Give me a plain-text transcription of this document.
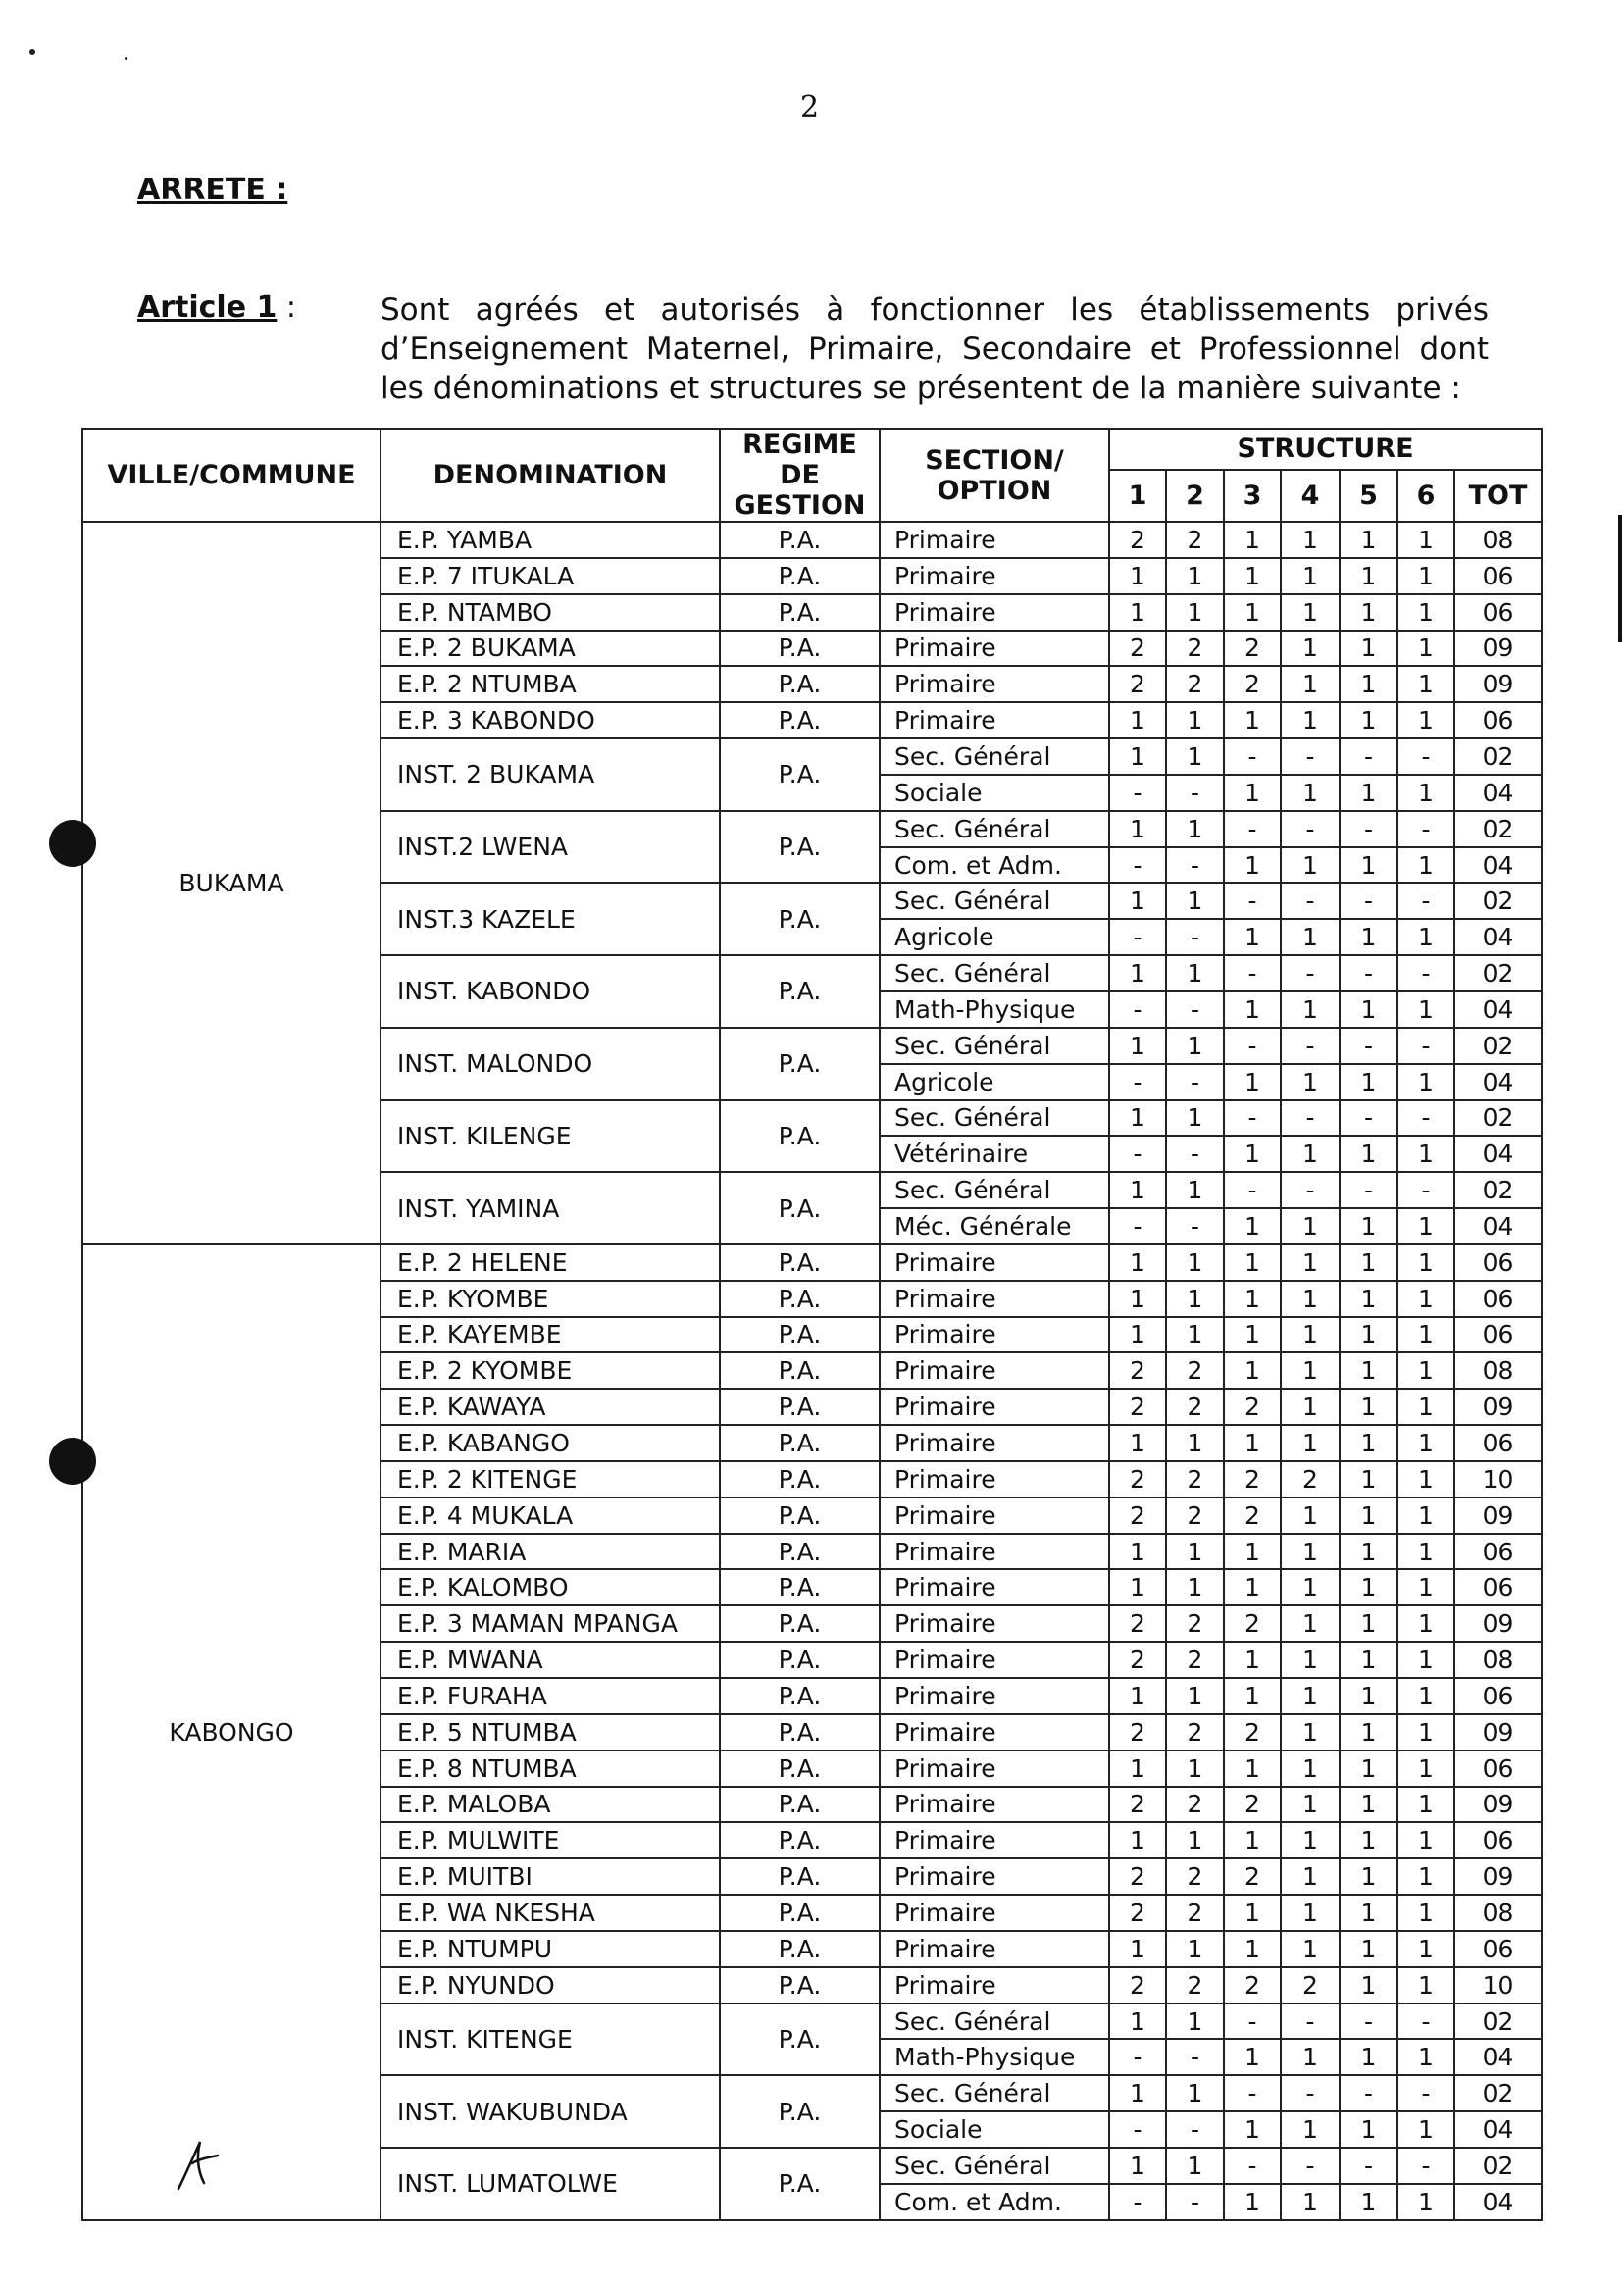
2
ARRETE :
Article 1 :	Sont agréés et autorisés à fonctionner les établissements privés d’Enseignement Maternel, Primaire, Secondaire et Professionnel dont les dénominations et structures se présentent de la manière suivante :
VILLE/COMMUNE	DENOMINATION	REGIME DE GESTION	SECTION/ OPTION	STRUCTURE						
				1	2	3	4	5	6	TOT
BUKAMA	E.P. YAMBA	P.A.	Primaire	2	2	1	1	1	1	08
	E.P. 7 ITUKALA	P.A.	Primaire	1	1	1	1	1	1	06
	E.P. NTAMBO	P.A.	Primaire	1	1	1	1	1	1	06
	E.P. 2 BUKAMA	P.A.	Primaire	2	2	2	1	1	1	09
	E.P. 2 NTUMBA	P.A.	Primaire	2	2	2	1	1	1	09
	E.P. 3 KABONDO	P.A.	Primaire	1	1	1	1	1	1	06
	INST. 2 BUKAMA	P.A.	Sec. Général	1	1	-	-	-	-	02
			Sociale	-	-	1	1	1	1	04
	INST.2 LWENA	P.A.	Sec. Général	1	1	-	-	-	-	02
			Com. et Adm.	-	-	1	1	1	1	04
	INST.3 KAZELE	P.A.	Sec. Général	1	1	-	-	-	-	02
			Agricole	-	-	1	1	1	1	04
	INST. KABONDO	P.A.	Sec. Général	1	1	-	-	-	-	02
			Math-Physique	-	-	1	1	1	1	04
	INST. MALONDO	P.A.	Sec. Général	1	1	-	-	-	-	02
			Agricole	-	-	1	1	1	1	04
	INST. KILENGE	P.A.	Sec. Général	1	1	-	-	-	-	02
			Vétérinaire	-	-	1	1	1	1	04
	INST. YAMINA	P.A.	Sec. Général	1	1	-	-	-	-	02
			Méc. Générale	-	-	1	1	1	1	04
KABONGO	E.P. 2 HELENE	P.A.	Primaire	1	1	1	1	1	1	06
	E.P. KYOMBE	P.A.	Primaire	1	1	1	1	1	1	06
	E.P. KAYEMBE	P.A.	Primaire	1	1	1	1	1	1	06
	E.P. 2 KYOMBE	P.A.	Primaire	2	2	1	1	1	1	08
	E.P. KAWAYA	P.A.	Primaire	2	2	2	1	1	1	09
	E.P. KABANGO	P.A.	Primaire	1	1	1	1	1	1	06
	E.P. 2 KITENGE	P.A.	Primaire	2	2	2	2	1	1	10
	E.P. 4 MUKALA	P.A.	Primaire	2	2	2	1	1	1	09
	E.P. MARIA	P.A.	Primaire	1	1	1	1	1	1	06
	E.P. KALOMBO	P.A.	Primaire	1	1	1	1	1	1	06
	E.P. 3 MAMAN MPANGA	P.A.	Primaire	2	2	2	1	1	1	09
	E.P. MWANA	P.A.	Primaire	2	2	1	1	1	1	08
	E.P. FURAHA	P.A.	Primaire	1	1	1	1	1	1	06
	E.P. 5 NTUMBA	P.A.	Primaire	2	2	2	1	1	1	09
	E.P. 8 NTUMBA	P.A.	Primaire	1	1	1	1	1	1	06
	E.P. MALOBA	P.A.	Primaire	2	2	2	1	1	1	09
	E.P. MULWITE	P.A.	Primaire	1	1	1	1	1	1	06
	E.P. MUITBI	P.A.	Primaire	2	2	2	1	1	1	09
	E.P. WA NKESHA	P.A.	Primaire	2	2	1	1	1	1	08
	E.P. NTUMPU	P.A.	Primaire	1	1	1	1	1	1	06
	E.P. NYUNDO	P.A.	Primaire	2	2	2	2	1	1	10
	INST. KITENGE	P.A.	Sec. Général	1	1	-	-	-	-	02
			Math-Physique	-	-	1	1	1	1	04
	INST. WAKUBUNDA	P.A.	Sec. Général	1	1	-	-	-	-	02
			Sociale	-	-	1	1	1	1	04
	INST. LUMATOLWE	P.A.	Sec. Général	1	1	-	-	-	-	02
			Com. et Adm.	-	-	1	1	1	1	04
